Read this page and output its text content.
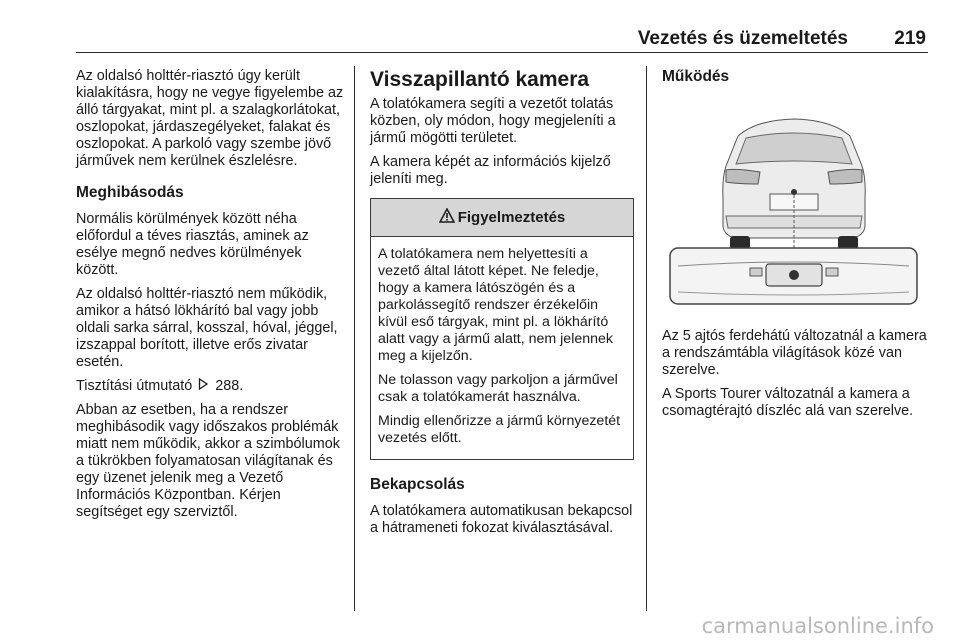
Vezetés és üzemeltetés 219

Az oldalsó holttér-riasztó úgy került kialakításra, hogy ne vegye figyelembe az álló tárgyakat, mint pl. a szalagkorlátokat, oszlopokat, járdaszegélyeket, falakat és oszlopokat. A parkoló vagy szembe jövő járművek nem kerülnek észlelésre.

Meghibásodás

Normális körülmények között néha előfordul a téves riasztás, aminek az esélye megnő nedves körülmények között.

Az oldalsó holttér-riasztó nem működik, amikor a hátsó lökhárító bal vagy jobb oldali sarka sárral, kosszal, hóval, jéggel, izszappal borított, illetve erős zivatar esetén.

Tisztítási útmutató 288.

Abban az esetben, ha a rendszer meghibásodik vagy időszakos problémák miatt nem működik, akkor a szimbólumok a tükrökben folyamatosan világítanak és egy üzenet jelenik meg a Vezető Információs Központban. Kérjen segítséget egy szerviztől.

Visszapillantó kamera

A tolatókamera segíti a vezetőt tolatás közben, oly módon, hogy megjeleníti a jármű mögötti területet.

A kamera képét az információs kijelző jeleníti meg.

Figyelmeztetés

A tolatókamera nem helyettesíti a vezető által látott képet. Ne feledje, hogy a kamera látószögén és a parkolássegítő rendszer érzékelőin kívül eső tárgyak, mint pl. a lökhárító alatt vagy a jármű alatt, nem jelennek meg a kijelzőn.

Ne tolasson vagy parkoljon a járművel csak a tolatókamerát használva.

Mindig ellenőrizze a jármű környezetét vezetés előtt.

Bekapcsolás

A tolatókamera automatikusan bekapcsol a hátrameneti fokozat kiválasztásával.

Működés

Az 5 ajtós ferdehátú változatnál a kamera a rendszámtábla világítások közé van szerelve.

A Sports Tourer változatnál a kamera a csomagtérajtó díszléc alá van szerelve.

carmanualsonline.info
